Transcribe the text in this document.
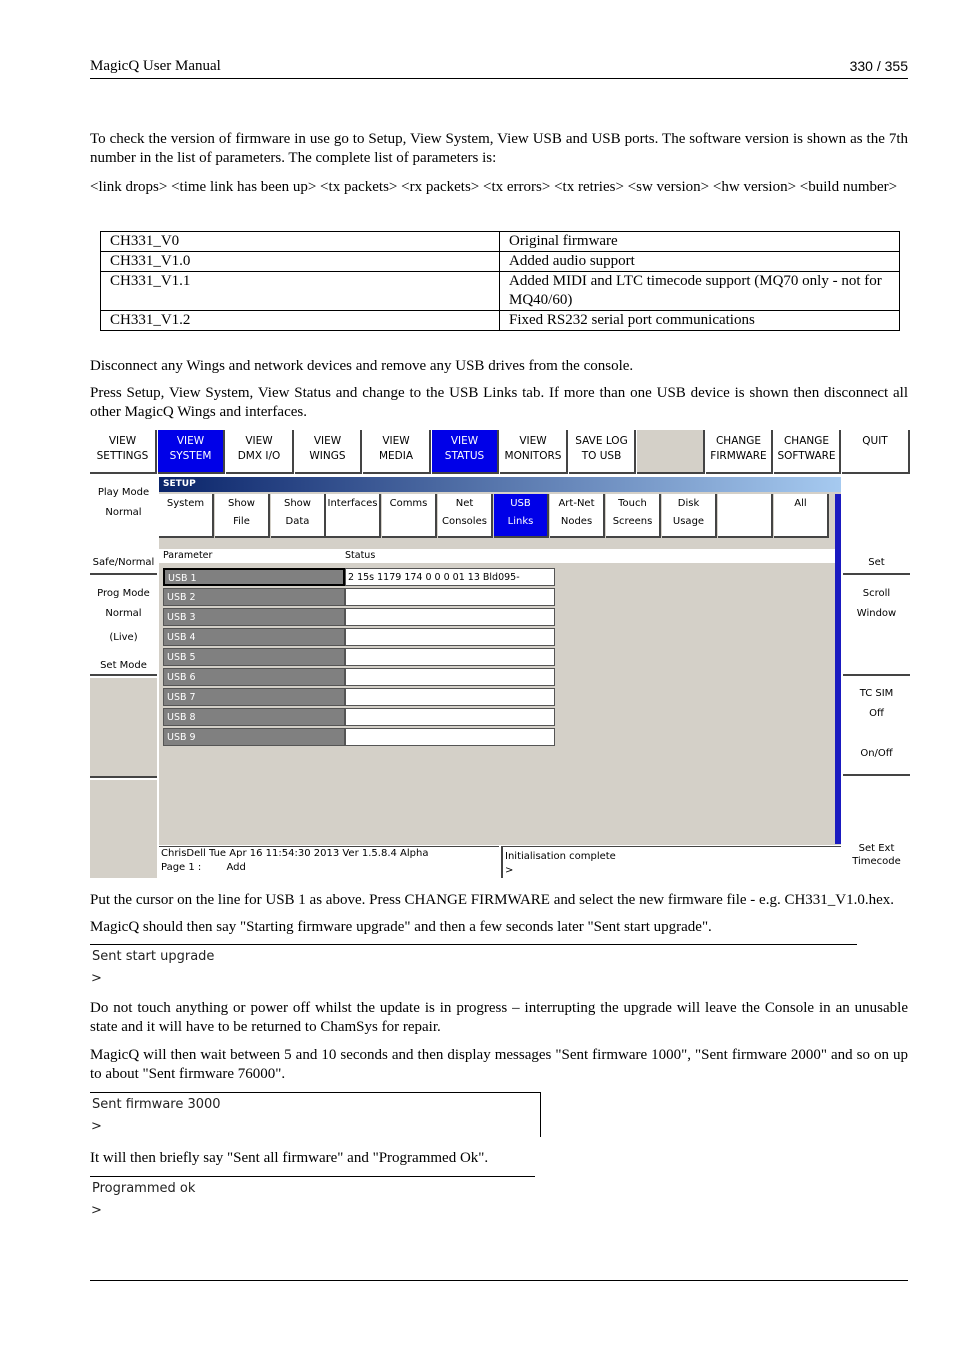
MagicQ User Manual	330 / 355

To check the version of firmware in use go to Setup, View System, View USB and USB ports. The software version is shown as the 7th number in the list of parameters. The complete list of parameters is:

<link drops> <time link has been up> <tx packets> <rx packets> <tx errors> <tx retries> <sw version> <hw version> <build number>

CH331_V0	Original firmware
CH331_V1.0	Added audio support
CH331_V1.1	Added MIDI and LTC timecode support (MQ70 only - not for MQ40/60)
CH331_V1.2	Fixed RS232 serial port communications

Disconnect any Wings and network devices and remove any USB drives from the console.

Press Setup, View System, View Status and change to the USB Links tab. If more than one USB device is shown then disconnect all other MagicQ Wings and interfaces.

VIEW
SETTINGS
VIEW
SYSTEM
VIEW
DMX I/O
VIEW
WINGS
VIEW
MEDIA
VIEW
STATUS
VIEW
MONITORS
SAVE LOG
TO USB
CHANGE
FIRMWARE
CHANGE
SOFTWARE
QUIT
Play Mode
Normal
Safe/Normal
Prog Mode
Normal
(Live)
Set Mode
SETUP
System	Show
File
Show
Data
Interfaces	Comms	Net
Consoles
USB
Links
Art-Net
Nodes
Touch
Screens
Disk
Usage
All
Parameter	Status
USB 1	2 15s 1179 174 0 0 0 01 13 Bld095-
USB 2
USB 3
USB 4
USB 5
USB 6
USB 7
USB 8
USB 9
ChrisDell Tue Apr 16 11:54:30 2013 Ver 1.5.8.4 Alpha
Page 1 :	Add
Initialisation complete
>
Set
Scroll
Window
TC SIM
Off
On/Off
Set Ext
Timecode

Put the cursor on the line for USB 1 as above. Press CHANGE FIRMWARE and select the new firmware file - e.g. CH331_V1.0.hex.

MagicQ should then say "Starting firmware upgrade" and then a few seconds later "Sent start upgrade".

Sent start upgrade
>

Do not touch anything or power off whilst the update is in progress – interrupting the upgrade will leave the Console in an unusable state and it will have to be returned to ChamSys for repair.

MagicQ will then wait between 5 and 10 seconds and then display messages "Sent firmware 1000", "Sent firmware 2000" and so on up to about "Sent firmware 76000".

Sent firmware 3000
>

It will then briefly say "Sent all firmware" and "Programmed Ok".

Programmed ok
>
